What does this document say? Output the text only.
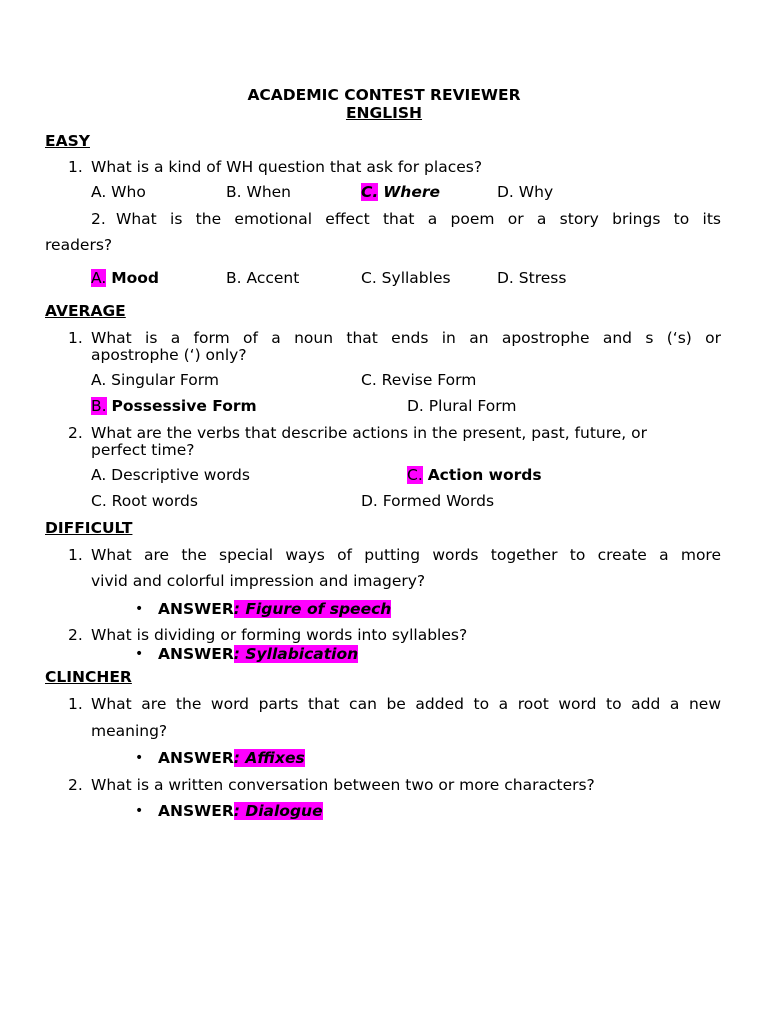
ACADEMIC CONTEST REVIEWER
ENGLISH
EASY
1. What is a kind of WH question that ask for places?
A. Who	B. When	C. Where	D. Why
2. What is the emotional effect that a poem or a story brings to its
readers?
A. Mood	B. Accent	C. Syllables	D. Stress
AVERAGE
1. What is a form of a noun that ends in an apostrophe and s (‘s) or
apostrophe (‘) only?
A. Singular Form	C. Revise Form
B. Possessive Form	D. Plural Form
2. What are the verbs that describe actions in the present, past, future, or
perfect time?
A. Descriptive words	C. Action words
C. Root words	D. Formed Words
DIFFICULT
1. What are the special ways of putting words together to create a more
vivid and colorful impression and imagery?
• ANSWER: Figure of speech
2. What is dividing or forming words into syllables?
• ANSWER: Syllabication
CLINCHER
1. What are the word parts that can be added to a root word to add a new
meaning?
• ANSWER: Affixes
2. What is a written conversation between two or more characters?
• ANSWER: Dialogue
